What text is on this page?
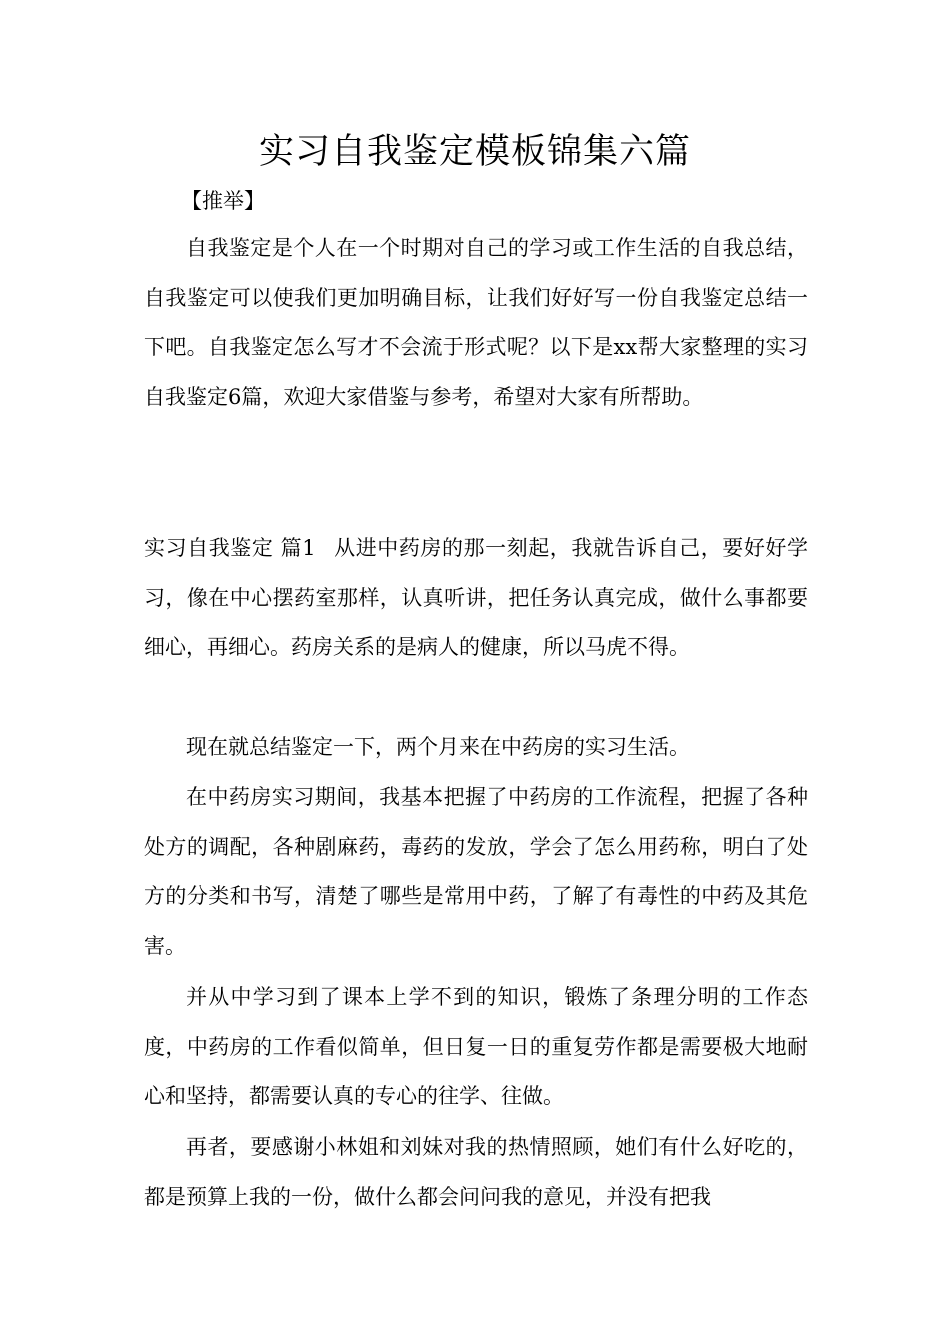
实习自我鉴定模板锦集六篇

【推举】

自我鉴定是个人在一个时期对自己的学习或工作生活的自我总结，自我鉴定可以使我们更加明确目标，让我们好好写一份自我鉴定总结一下吧。自我鉴定怎么写才不会流于形式呢？以下是xx帮大家整理的实习自我鉴定6篇，欢迎大家借鉴与参考，希望对大家有所帮助。

实习自我鉴定 篇1 从进中药房的那一刻起，我就告诉自己，要好好学习，像在中心摆药室那样，认真听讲，把任务认真完成，做什么事都要细心，再细心。药房关系的是病人的健康，所以马虎不得。

现在就总结鉴定一下，两个月来在中药房的实习生活。

在中药房实习期间，我基本把握了中药房的工作流程，把握了各种处方的调配，各种剧麻药，毒药的发放，学会了怎么用药称，明白了处方的分类和书写，清楚了哪些是常用中药，了解了有毒性的中药及其危害。

并从中学习到了课本上学不到的知识，锻炼了条理分明的工作态度，中药房的工作看似简单，但日复一日的重复劳作都是需要极大地耐心和坚持，都需要认真的专心的往学、往做。

再者，要感谢小林姐和刘妹对我的热情照顾，她们有什么好吃的，都是预算上我的一份，做什么都会问问我的意见，并没有把我
